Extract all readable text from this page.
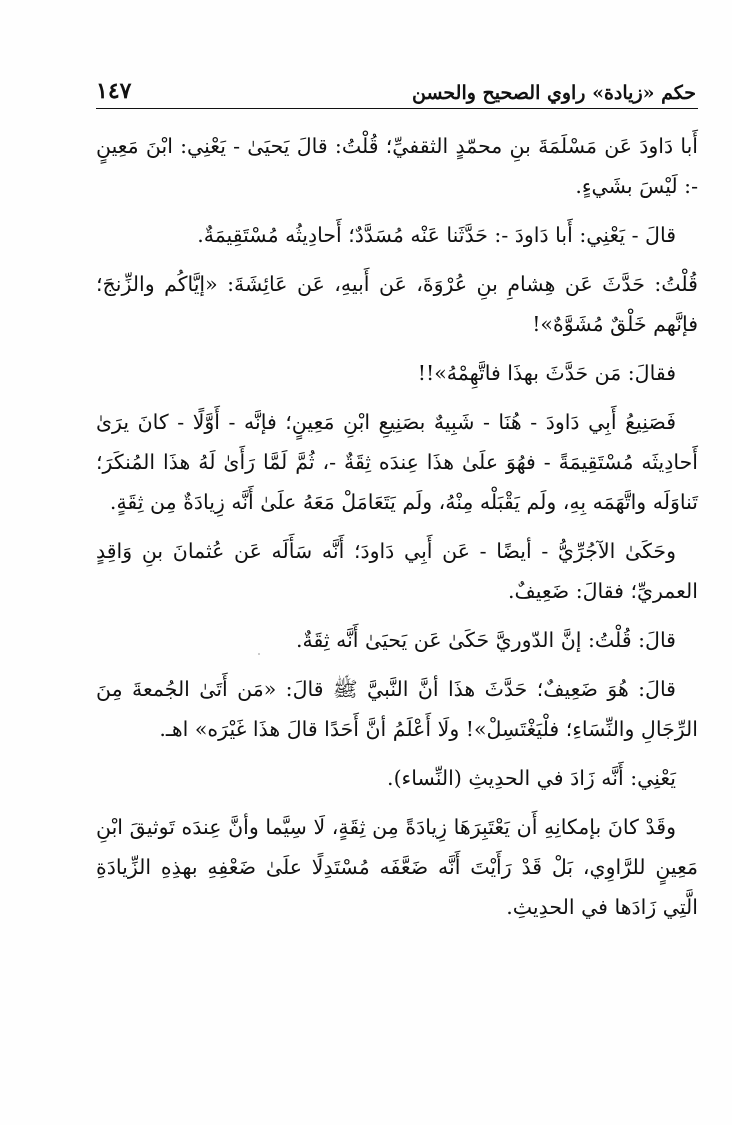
١٤٧	حكم «زيادة» راوي الصحيح والحسن

أَبا دَاودَ عَن مَسْلَمَةَ بنِ محمّدٍ الثقفيِّ؛ قُلْتُ: قالَ يَحيَىٰ - يَعْنِي: ابْنَ مَعِينٍ -: لَيْسَ بشَيءٍ.

قالَ - يَعْنِي: أَبا دَاودَ -: حَدَّثَنا عَنْه مُسَدَّدٌ؛ أَحادِيثُه مُسْتَقِيمَةٌ.

قُلْتُ: حَدَّثَ عَن هِشامِ بنِ عُرْوَةَ، عَن أَبيهِ، عَن عَائِشَةَ: «إيَّاكُم والزِّنجَ؛ فإنَّهم خَلْقٌ مُشَوَّهٌ»!

فقالَ: مَن حَدَّثَ بهذَا فاتَّهِمْهُ»!!

فَصَنِيعُ أَبِي دَاودَ - هُنَا - شَبِيهٌ بصَنِيعِ ابْنِ مَعِينٍ؛ فإنَّه - أَوَّلًا - كانَ يرَىٰ أَحادِيثَه مُسْتَقِيمَةً - فهُوَ علَىٰ هذَا عِندَه ثِقَةٌ -، ثُمَّ لَمَّا رَأَىٰ لَهُ هذَا المُنكَرَ؛ تَناوَلَه واتَّهَمَه بِهِ، ولَم يَقْبَلْه مِنْهُ، ولَم يَتَعَامَلْ مَعَهُ علَىٰ أَنَّه زِيادَةٌ مِن ثِقَةٍ.

وحَكَىٰ الآجُرِّيُّ - أيضًا - عَن أَبِي دَاودَ؛ أَنَّه سَأَلَه عَن عُثمانَ بنِ وَاقِدٍ العمريِّ؛ فقالَ: ضَعِيفٌ.

قالَ: قُلْتُ: إنَّ الدّوريَّ حَكَىٰ عَن يَحيَىٰ أَنَّه ثِقَةٌ.

قالَ: هُوَ ضَعِيفٌ؛ حَدَّثَ هذَا أنَّ النَّبيَّ ﷺ قالَ: «مَن أَتَىٰ الجُمعةَ مِنَ الرِّجَالِ والنِّسَاءِ؛ فلْيَغْتَسِلْ»! ولَا أَعْلَمُ أنَّ أَحَدًا قالَ هذَا غَيْرَه» اهـ.

يَعْنِي: أَنَّه زَادَ في الحدِيثِ (النِّساء).

وقَدْ كانَ بإمكانِهِ أَن يَعْتَبِرَهَا زِيادَةً مِن ثِقَةٍ، لَا سِيَّما وأنَّ عِندَه تَوثيقَ ابْنِ مَعِينٍ للرَّاوِي، بَلْ قَدْ رَأَيْتَ أَنَّه ضَعَّفَه مُسْتَدِلًا علَىٰ ضَعْفِهِ بهذِهِ الزِّيادَةِ الَّتِي زَادَها في الحدِيثِ.
